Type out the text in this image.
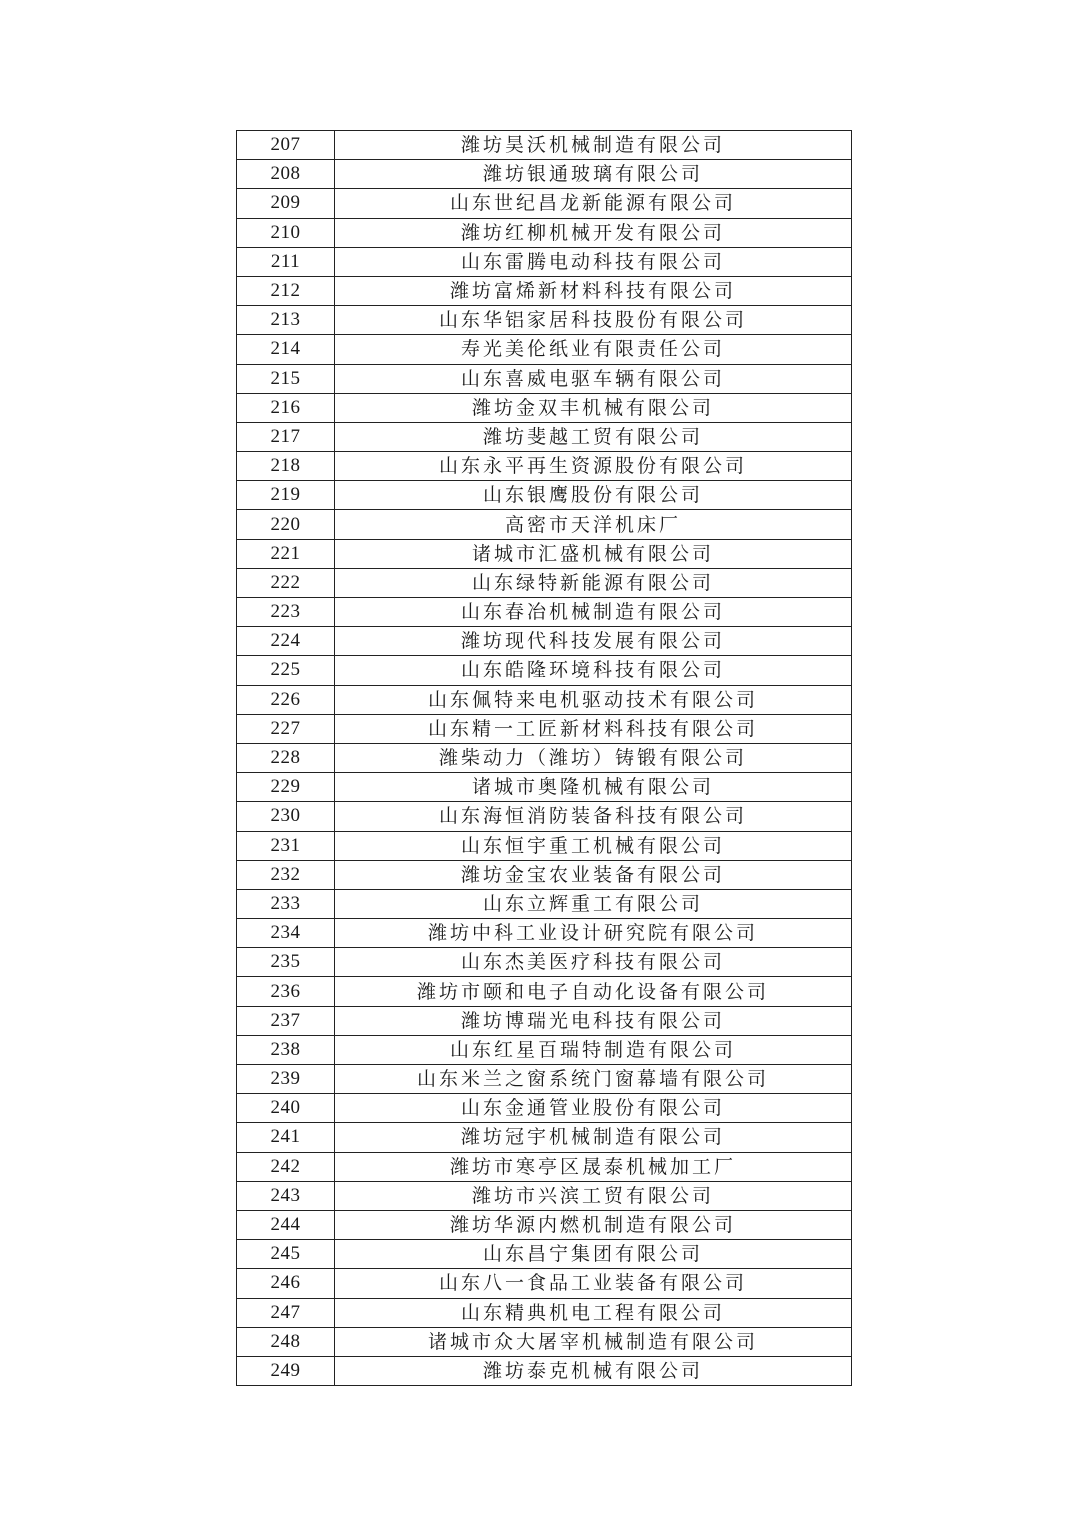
207	潍坊昊沃机械制造有限公司
208	潍坊银通玻璃有限公司
209	山东世纪昌龙新能源有限公司
210	潍坊红柳机械开发有限公司
211	山东雷腾电动科技有限公司
212	潍坊富烯新材料科技有限公司
213	山东华铝家居科技股份有限公司
214	寿光美伦纸业有限责任公司
215	山东喜威电驱车辆有限公司
216	潍坊金双丰机械有限公司
217	潍坊斐越工贸有限公司
218	山东永平再生资源股份有限公司
219	山东银鹰股份有限公司
220	高密市天洋机床厂
221	诸城市汇盛机械有限公司
222	山东绿特新能源有限公司
223	山东春冶机械制造有限公司
224	潍坊现代科技发展有限公司
225	山东皓隆环境科技有限公司
226	山东佩特来电机驱动技术有限公司
227	山东精一工匠新材料科技有限公司
228	潍柴动力（潍坊）铸锻有限公司
229	诸城市奥隆机械有限公司
230	山东海恒消防装备科技有限公司
231	山东恒宇重工机械有限公司
232	潍坊金宝农业装备有限公司
233	山东立辉重工有限公司
234	潍坊中科工业设计研究院有限公司
235	山东杰美医疗科技有限公司
236	潍坊市颐和电子自动化设备有限公司
237	潍坊博瑞光电科技有限公司
238	山东红星百瑞特制造有限公司
239	山东米兰之窗系统门窗幕墙有限公司
240	山东金通管业股份有限公司
241	潍坊冠宇机械制造有限公司
242	潍坊市寒亭区晟泰机械加工厂
243	潍坊市兴滨工贸有限公司
244	潍坊华源内燃机制造有限公司
245	山东昌宁集团有限公司
246	山东八一食品工业装备有限公司
247	山东精典机电工程有限公司
248	诸城市众大屠宰机械制造有限公司
249	潍坊泰克机械有限公司
